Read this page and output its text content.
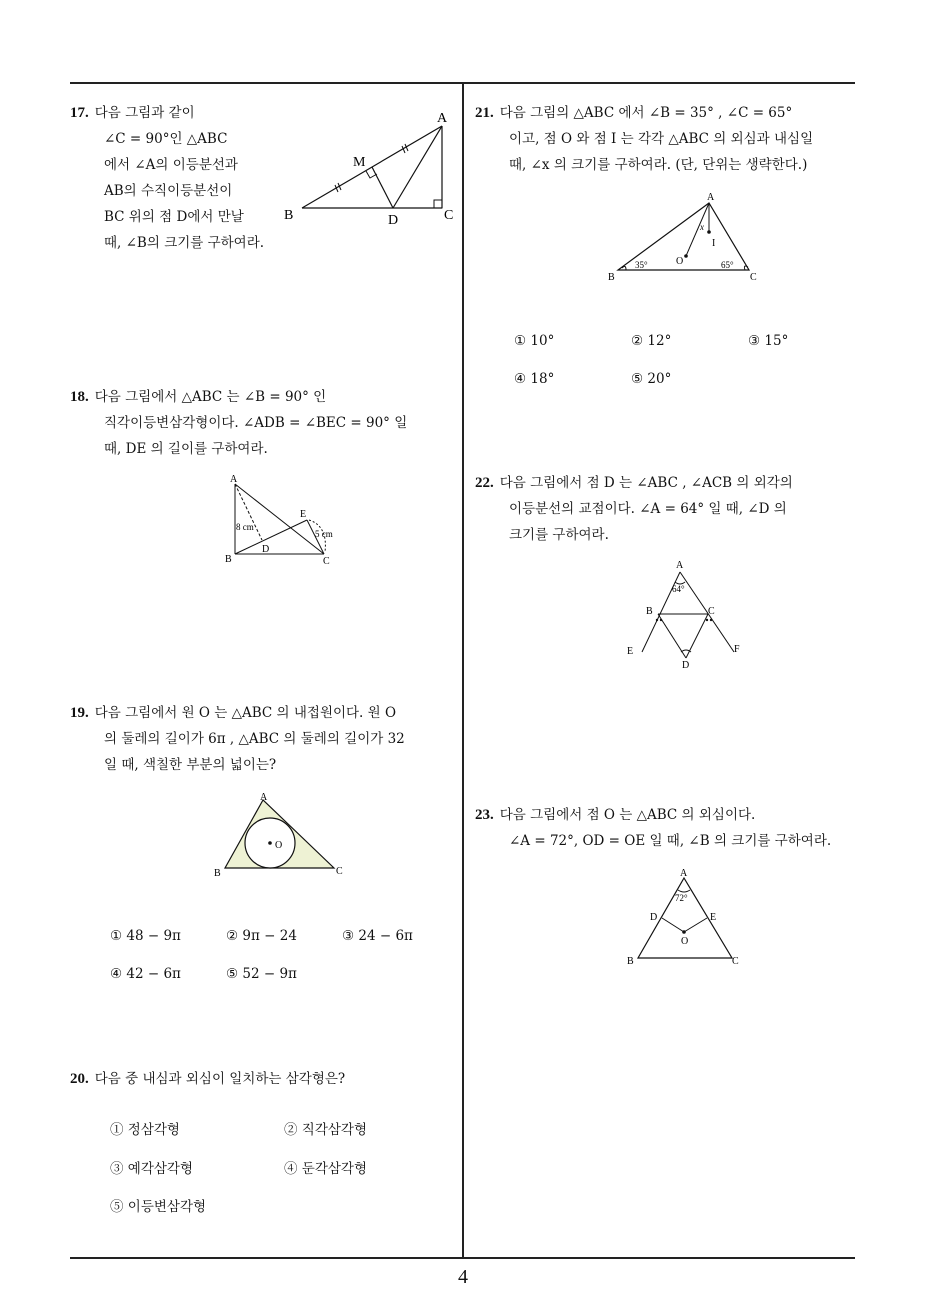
17. 다음 그림과 같이
∠C = 90°인 △ABC
에서 ∠A의 이등분선과
AB의 수직이등분선이
BC 위의 점 D에서 만날
때, ∠B의 크기를 구하여라.
A
B	C
D
M
18. 다음 그림에서 △ABC 는 ∠B = 90° 인
직각이등변삼각형이다. ∠ADB = ∠BEC = 90° 일
때, DE 의 길이를 구하여라.
A
B	C
D
E
8 cm
5 cm
19. 다음 그림에서 원 O 는 △ABC 의 내접원이다. 원 O
의 둘레의 길이가 6π , △ABC 의 둘레의 길이가 32
일 때, 색칠한 부분의 넓이는?
A
B	C
O
① 48 − 9π	② 9π − 24	③ 24 − 6π
④ 42 − 6π	⑤ 52 − 9π
20. 다음 중 내심과 외심이 일치하는 삼각형은?
① 정삼각형	② 직각삼각형
③ 예각삼각형	④ 둔각삼각형
⑤ 이등변삼각형
21. 다음 그림의 △ABC 에서 ∠B = 35° , ∠C = 65°
이고, 점 O 와 점 I 는 각각 △ABC 의 외심과 내심일
때, ∠x 의 크기를 구하여라. (단, 단위는 생략한다.)
A
B	C
O
I
x
35°	65°
① 10°	② 12°	③ 15°
④ 18°	⑤ 20°
22. 다음 그림에서 점 D 는 ∠ABC , ∠ACB 의 외각의
이등분선의 교점이다. ∠A = 64° 일 때, ∠D 의
크기를 구하여라.
A
B	C
D
E	F
64°
23. 다음 그림에서 점 O 는 △ABC 의 외심이다.
∠A = 72°, OD = OE 일 때, ∠B 의 크기를 구하여라.
A
B	C
D	E
O
72°
4
